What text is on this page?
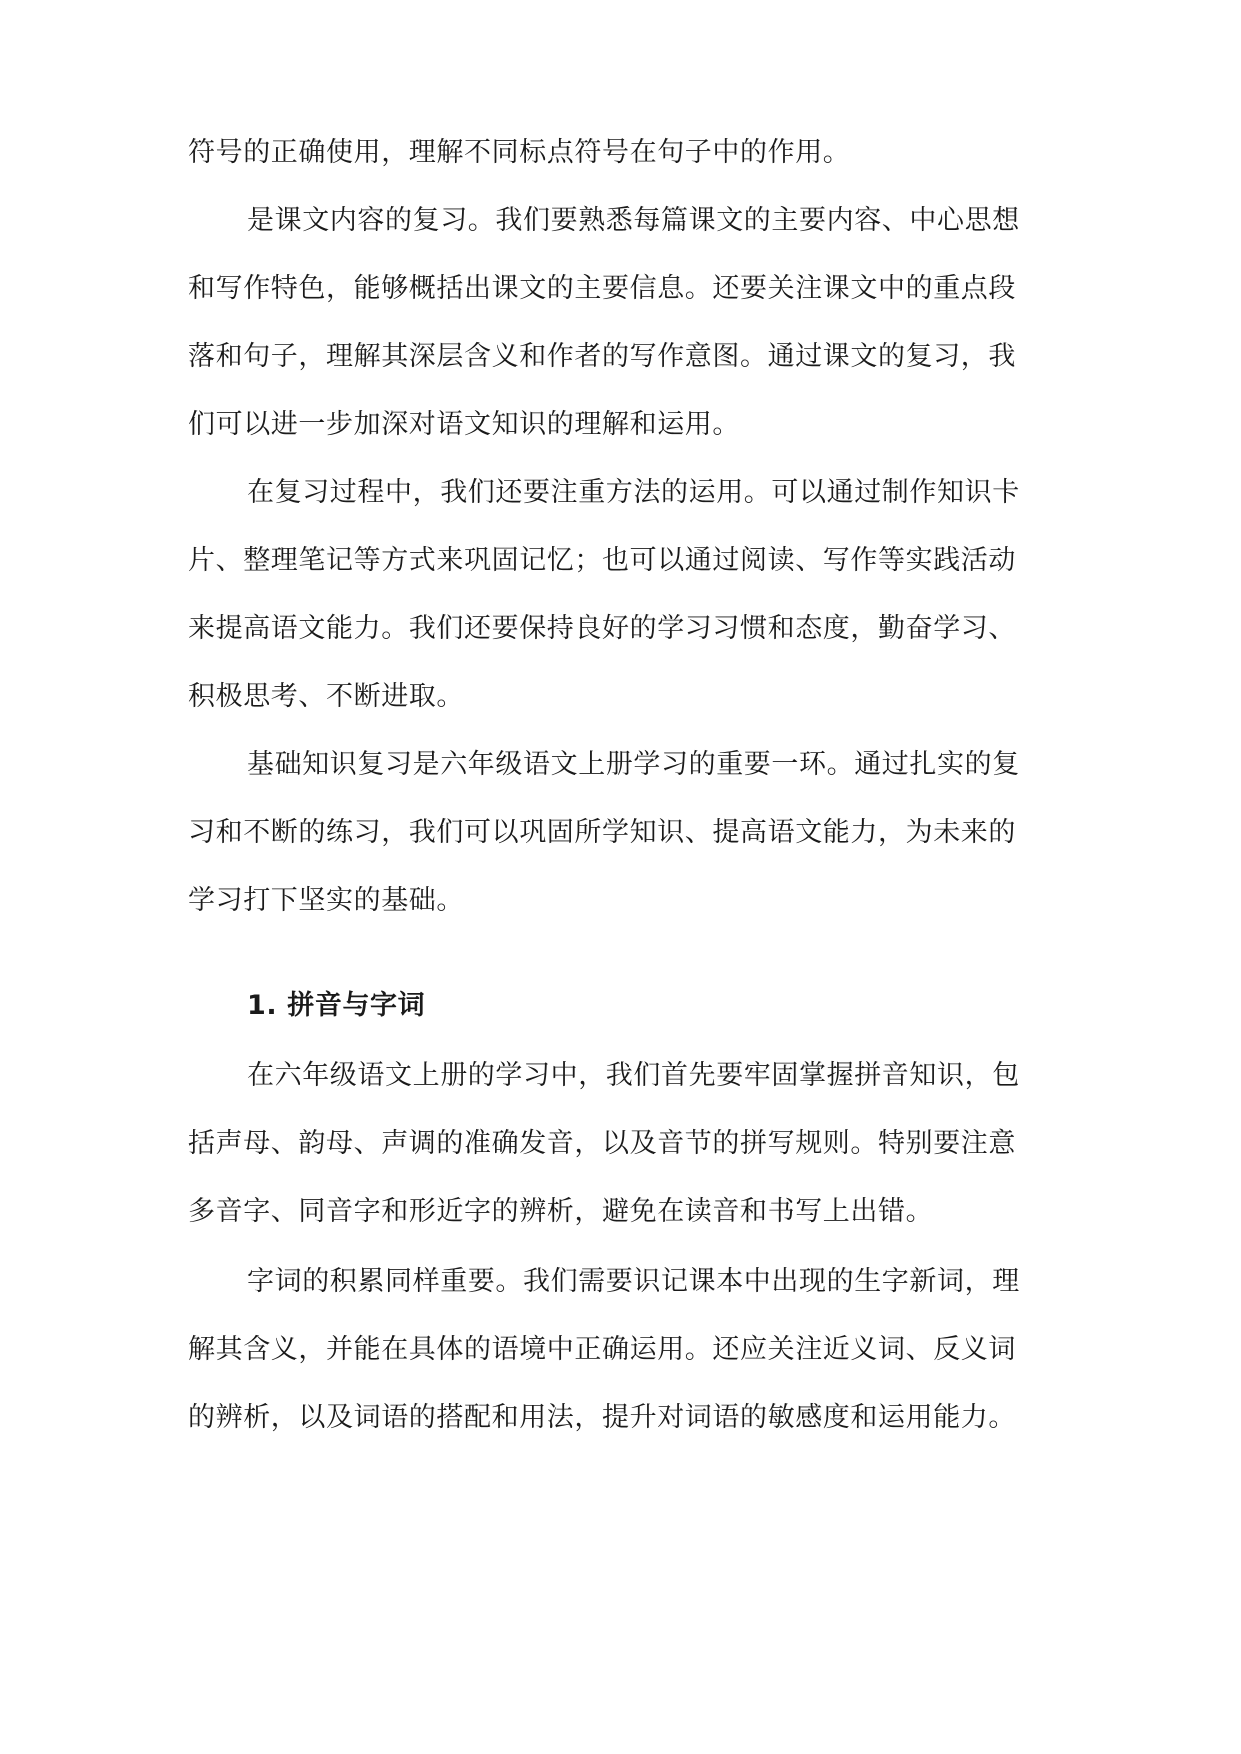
符号的正确使用，理解不同标点符号在句子中的作用。
是课文内容的复习。我们要熟悉每篇课文的主要内容、中心思想
和写作特色，能够概括出课文的主要信息。还要关注课文中的重点段
落和句子，理解其深层含义和作者的写作意图。通过课文的复习，我
们可以进一步加深对语文知识的理解和运用。
在复习过程中，我们还要注重方法的运用。可以通过制作知识卡
片、整理笔记等方式来巩固记忆；也可以通过阅读、写作等实践活动
来提高语文能力。我们还要保持良好的学习习惯和态度，勤奋学习、
积极思考、不断进取。
基础知识复习是六年级语文上册学习的重要一环。通过扎实的复
习和不断的练习，我们可以巩固所学知识、提高语文能力，为未来的
学习打下坚实的基础。
1. 拼音与字词
在六年级语文上册的学习中，我们首先要牢固掌握拼音知识，包
括声母、韵母、声调的准确发音，以及音节的拼写规则。特别要注意
多音字、同音字和形近字的辨析，避免在读音和书写上出错。
字词的积累同样重要。我们需要识记课本中出现的生字新词，理
解其含义，并能在具体的语境中正确运用。还应关注近义词、反义词
的辨析，以及词语的搭配和用法，提升对词语的敏感度和运用能力。
